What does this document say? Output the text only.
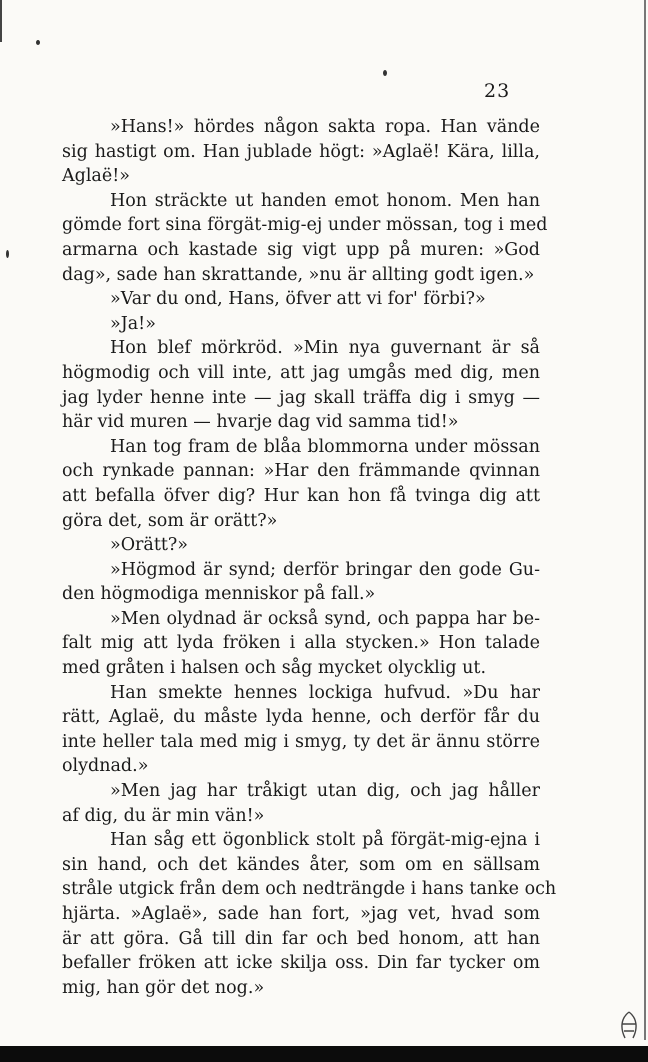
23
»Hans!» hördes någon sakta ropa. Han vände
sig hastigt om. Han jublade högt: »Aglaë! Kära, lilla,
Aglaë!»
Hon sträckte ut handen emot honom. Men han
gömde fort sina förgät-mig-ej under mössan, tog i med
armarna och kastade sig vigt upp på muren: »God
dag», sade han skrattande, »nu är allting godt igen.»
»Var du ond, Hans, öfver att vi for' förbi?»
»Ja!»
Hon blef mörkröd. »Min nya guvernant är så
högmodig och vill inte, att jag umgås med dig, men
jag lyder henne inte — jag skall träffa dig i smyg —
här vid muren — hvarje dag vid samma tid!»
Han tog fram de blåa blommorna under mössan
och rynkade pannan: »Har den främmande qvinnan
att befalla öfver dig? Hur kan hon få tvinga dig att
göra det, som är orätt?»
»Orätt?»
»Högmod är synd; derför bringar den gode Gu-
den högmodiga menniskor på fall.»
»Men olydnad är också synd, och pappa har be-
falt mig att lyda fröken i alla stycken.» Hon talade
med gråten i halsen och såg mycket olycklig ut.
Han smekte hennes lockiga hufvud. »Du har
rätt, Aglaë, du måste lyda henne, och derför får du
inte heller tala med mig i smyg, ty det är ännu större
olydnad.»
»Men jag har tråkigt utan dig, och jag håller
af dig, du är min vän!»
Han såg ett ögonblick stolt på förgät-mig-ejna i
sin hand, och det kändes åter, som om en sällsam
stråle utgick från dem och nedträngde i hans tanke och
hjärta. »Aglaë», sade han fort, »jag vet, hvad som
är att göra. Gå till din far och bed honom, att han
befaller fröken att icke skilja oss. Din far tycker om
mig, han gör det nog.»
